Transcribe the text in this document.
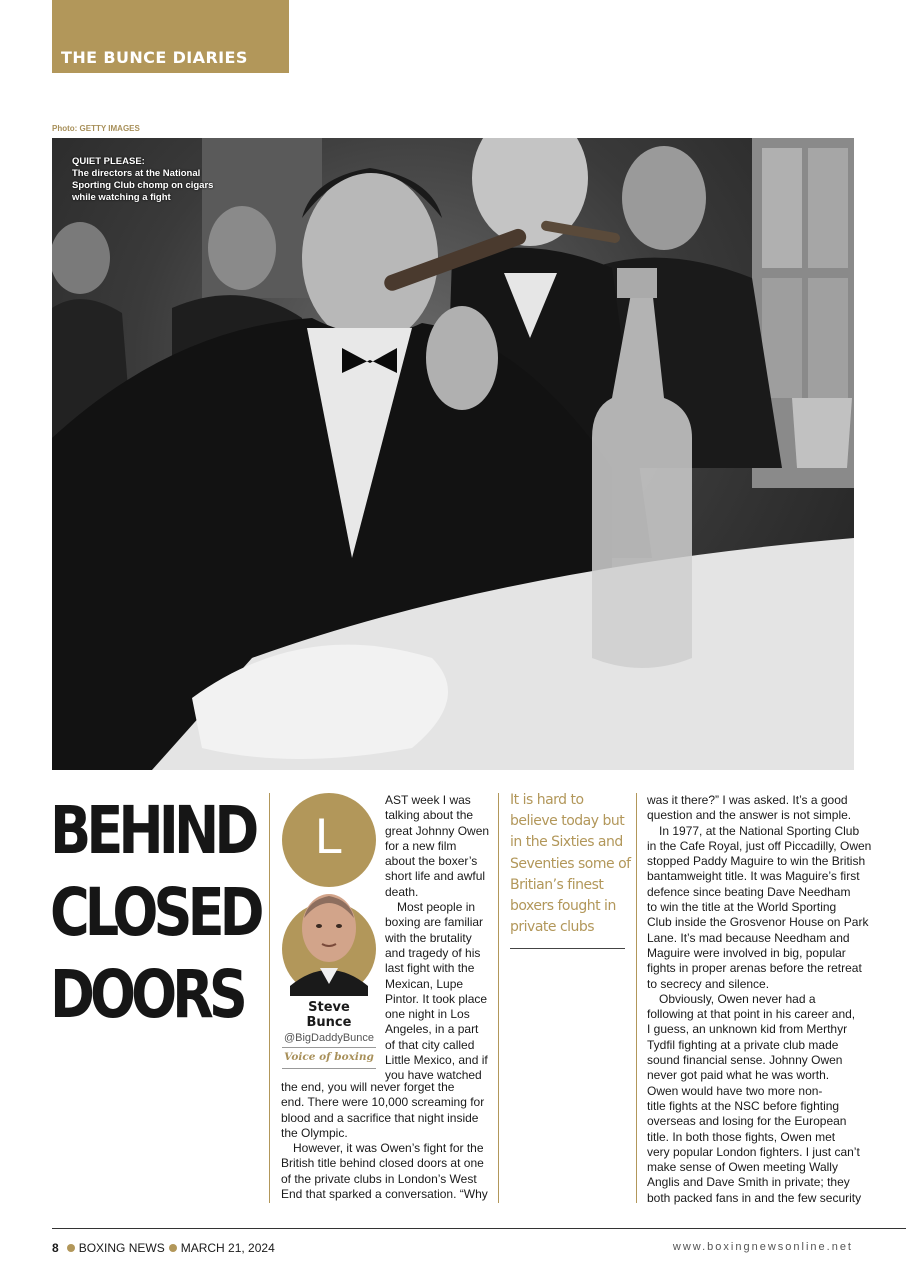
THE BUNCE DIARIES
Photo: GETTY IMAGES
QUIET PLEASE:
The directors at the National Sporting Club chomp on cigars while watching a fight
BEHIND
CLOSED
DOORS
L
Steve
Bunce
@BigDaddyBunce
Voice of boxing
AST week I was
talking about the
great Johnny Owen
for a new film
about the boxer’s
short life and awful
death.
Most people in
boxing are familiar
with the brutality
and tragedy of his
last fight with the
Mexican, Lupe
Pintor. It took place
one night in Los
Angeles, in a part
of that city called
Little Mexico, and if
you have watched
the end, you will never forget the
end. There were 10,000 screaming for
blood and a sacrifice that night inside
the Olympic.
However, it was Owen’s fight for the
British title behind closed doors at one
of the private clubs in London’s West
End that sparked a conversation. “Why
It is hard to
believe today but
in the Sixties and
Seventies some of
Britian’s finest
boxers fought in
private clubs
was it there?” I was asked. It’s a good
question and the answer is not simple.
In 1977, at the National Sporting Club
in the Cafe Royal, just off Piccadilly, Owen
stopped Paddy Maguire to win the British
bantamweight title. It was Maguire’s first
defence since beating Dave Needham
to win the title at the World Sporting
Club inside the Grosvenor House on Park
Lane. It’s mad because Needham and
Maguire were involved in big, popular
fights in proper arenas before the retreat
to secrecy and silence.
Obviously, Owen never had a
following at that point in his career and,
I guess, an unknown kid from Merthyr
Tydfil fighting at a private club made
sound financial sense. Johnny Owen
never got paid what he was worth.
Owen would have two more non-
title fights at the NSC before fighting
overseas and losing for the European
title. In both those fights, Owen met
very popular London fighters. I just can’t
make sense of Owen meeting Wally
Anglis and Dave Smith in private; they
both packed fans in and the few security
8 BOXING NEWS MARCH 21, 2024	www.boxingnewsonline.net
